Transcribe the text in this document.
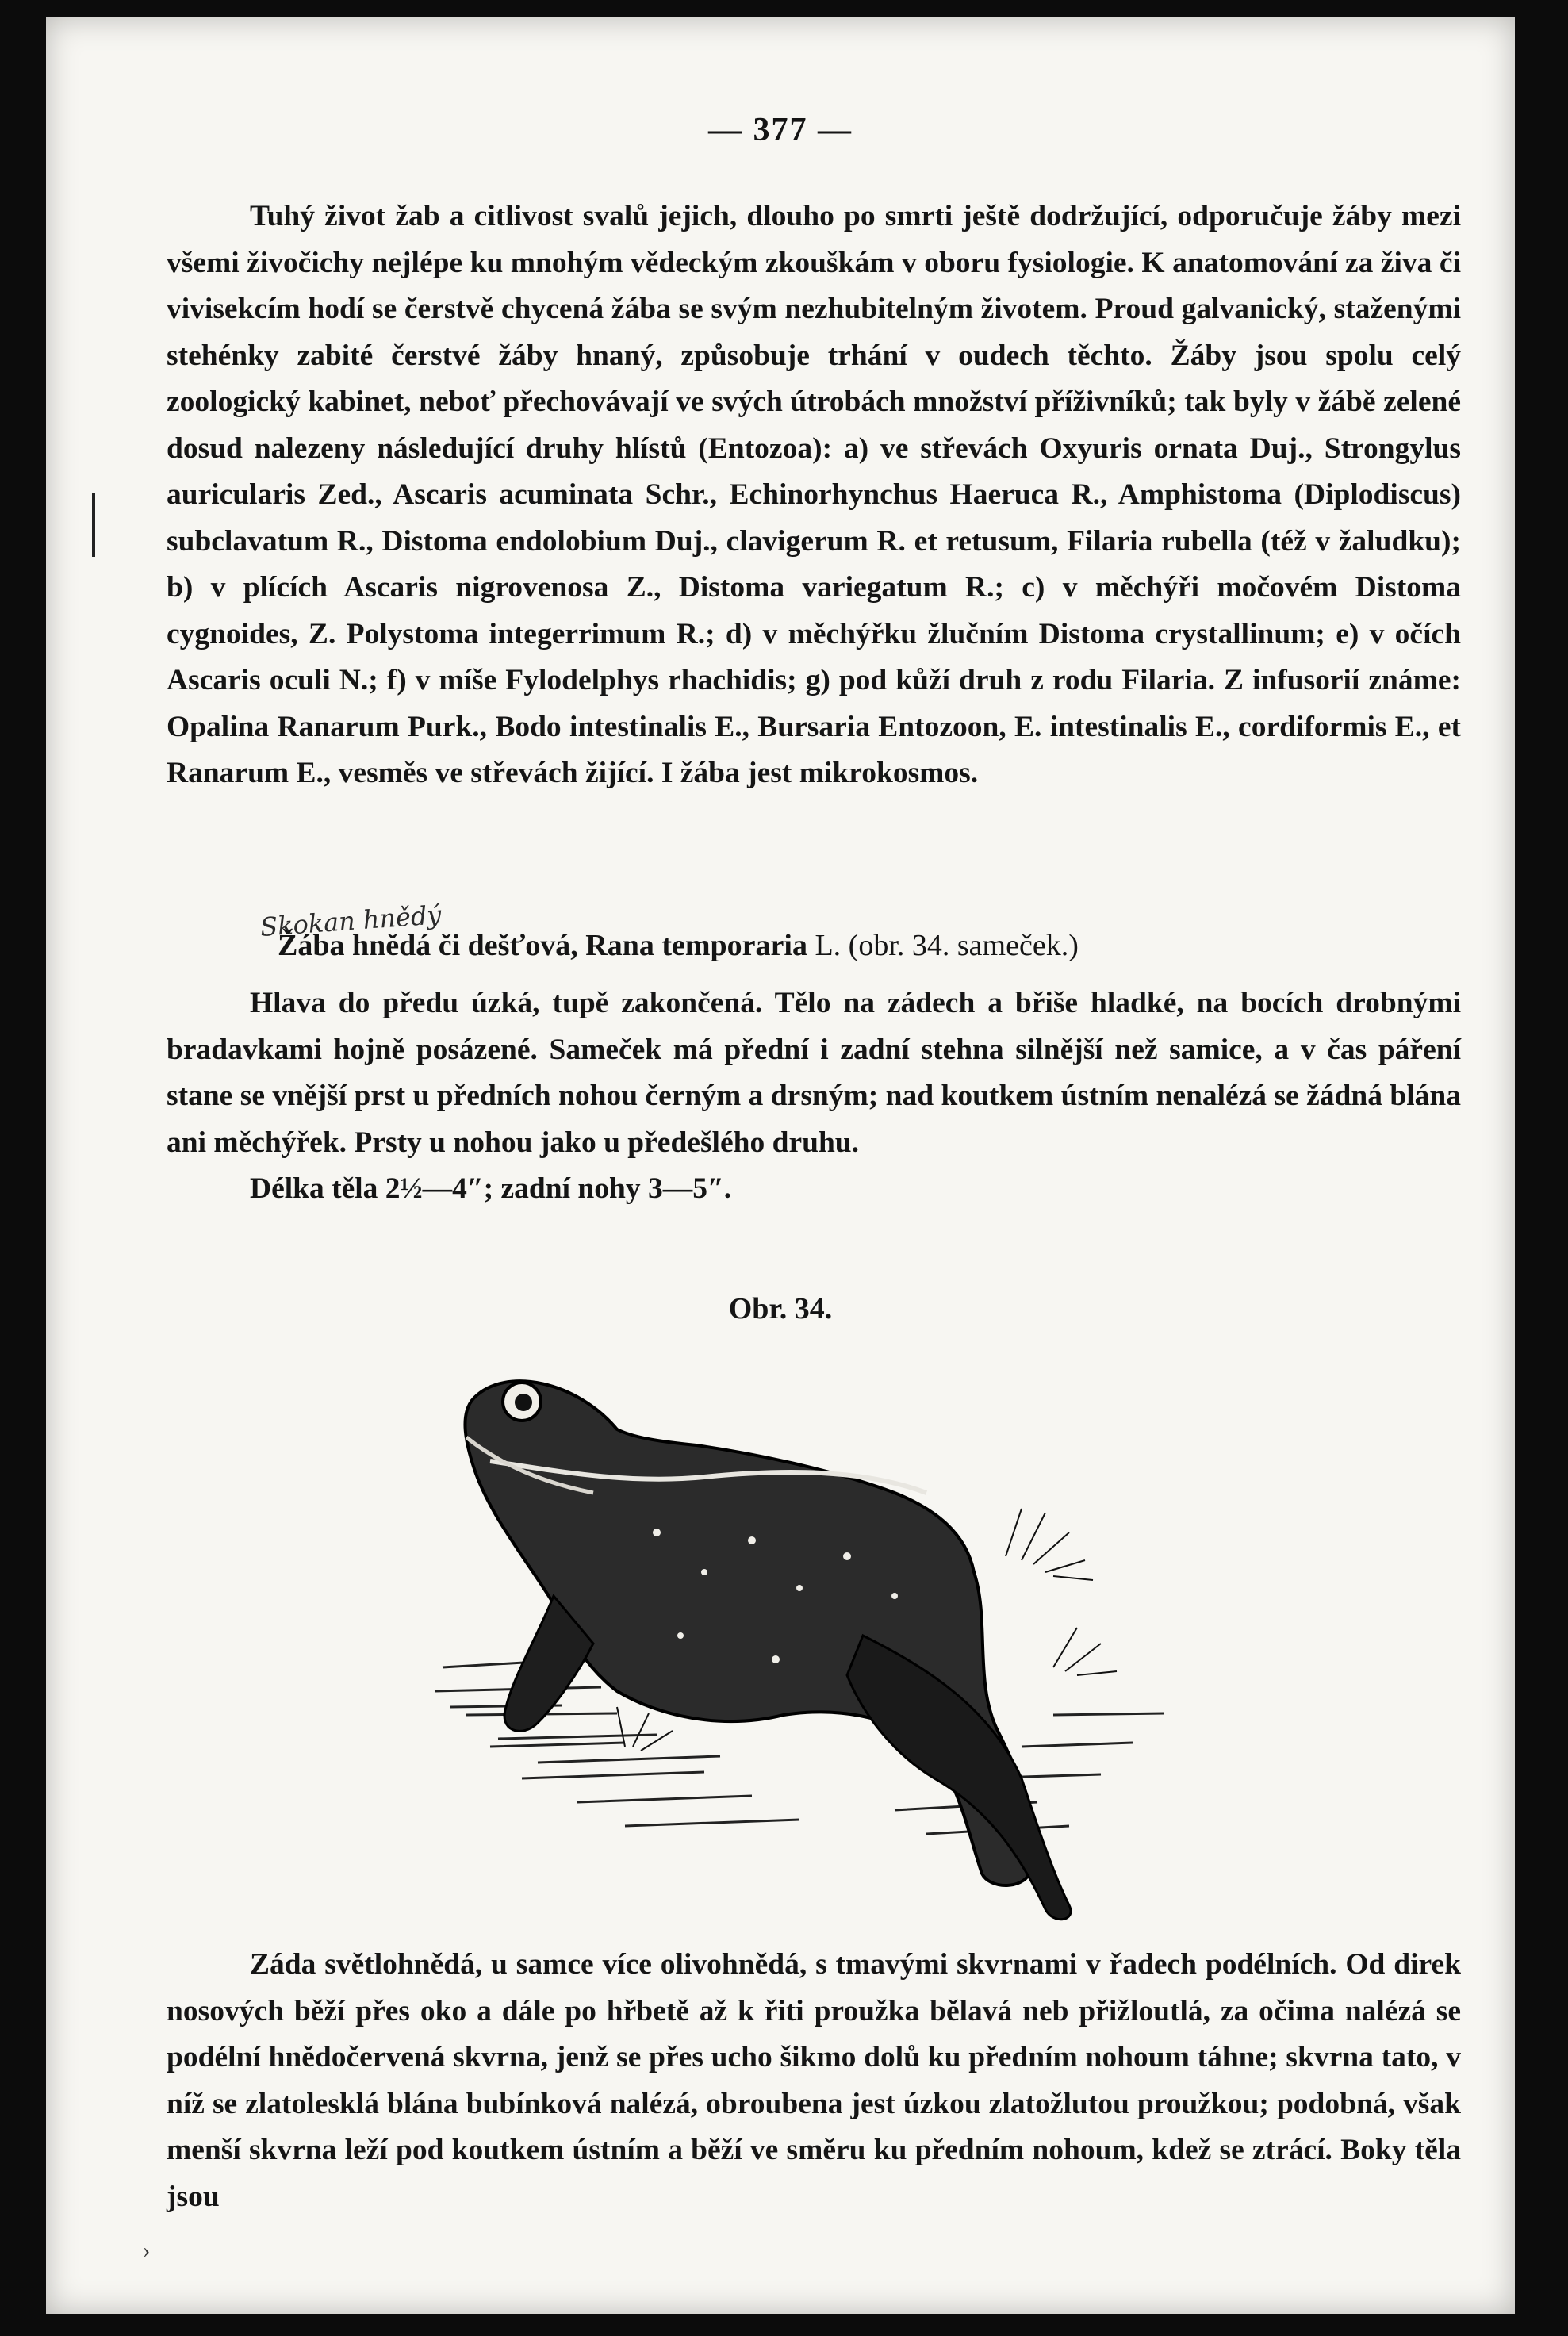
— 377 —

Tuhý život žab a citlivost svalů jejich, dlouho po smrti ještě dodržující, odporučuje žáby mezi všemi živočichy nejlépe ku mnohým vědeckým zkouškám v oboru fysiologie. K anatomování za živa či vivisekcím hodí se čerstvě chycená žába se svým nezhubitelným životem. Proud galvanický, staženými stehénky zabité čerstvé žáby hnaný, způsobuje trhání v oudech těchto. Žáby jsou spolu celý zoologický kabinet, neboť přechovávají ve svých útrobách množství příživníků; tak byly v žábě zelené dosud nalezeny následující druhy hlístů (Entozoa): a) ve střevách Oxyuris ornata Duj., Strongylus auricularis Zed., Ascaris acuminata Schr., Echinorhynchus Haeruca R., Amphistoma (Diplodiscus) subclavatum R., Distoma endolobium Duj., clavigerum R. et retusum, Filaria rubella (též v žaludku); b) v plících Ascaris nigrovenosa Z., Distoma variegatum R.; c) v měchýři močovém Distoma cygnoides, Z. Polystoma integerrimum R.; d) v měchýřku žlučním Distoma crystallinum; e) v očích Ascaris oculi N.; f) v míše Fylodelphys rhachidis; g) pod kůží druh z rodu Filaria. Z infusorií známe: Opalina Ranarum Purk., Bodo intestinalis E., Bursaria Entozoon, E. intestinalis E., cordiformis E., et Ranarum E., vesměs ve střevách žijící. I žába jest mikrokosmos.

Skokan hnědý
Žába hnědá či dešťová, Rana temporaria L. (obr. 34. sameček.)

Hlava do předu úzká, tupě zakončená. Tělo na zádech a břiše hladké, na bocích drobnými bradavkami hojně posázené. Sameček má přední i zadní stehna silnější než samice, a v čas páření stane se vnější prst u předních nohou černým a drsným; nad koutkem ústním nenalézá se žádná blána ani měchýřek. Prsty u nohou jako u předešlého druhu.

Délka těla 2½—4″; zadní nohy 3—5″.

Obr. 34.

Záda světlohnědá, u samce více olivohnědá, s tmavými skvrnami v řadech podélních. Od direk nosových běží přes oko a dále po hřbetě až k řiti proužka bělavá neb přižloutlá, za očima nalézá se podélní hnědočervená skvrna, jenž se přes ucho šikmo dolů ku předním nohoum táhne; skvrna tato, v níž se zlatolesklá blána bubínková nalézá, obroubena jest úzkou zlatožlutou proužkou; podobná, však menší skvrna leží pod koutkem ústním a běží ve směru ku předním nohoum, kdež se ztrácí. Boky těla jsou

›
